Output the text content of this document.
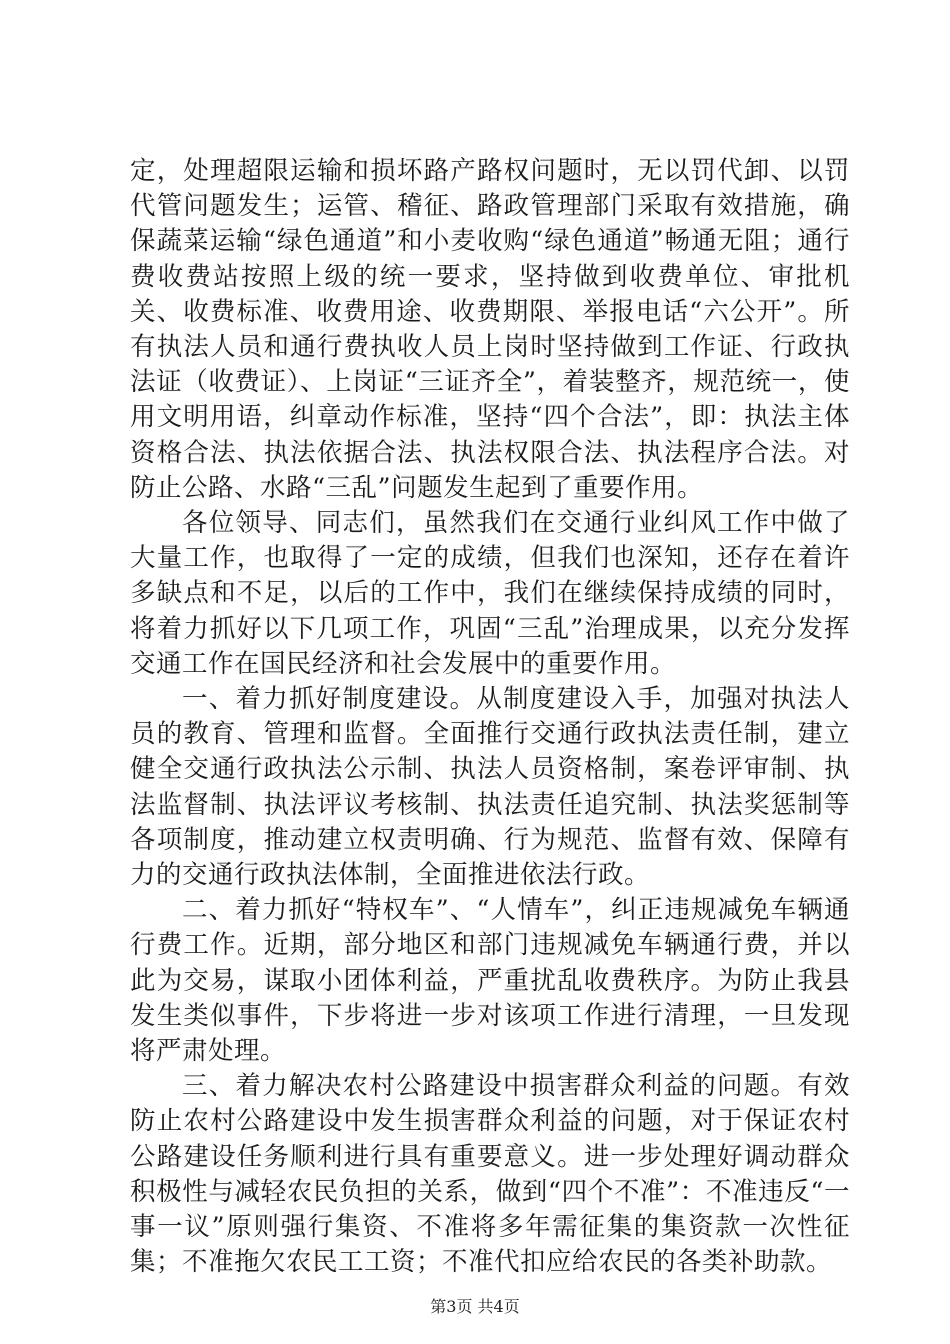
定，处理超限运输和损坏路产路权问题时，无以罚代卸、以罚代管问题发生；运管、稽征、路政管理部门采取有效措施，确保蔬菜运输“绿色通道”和小麦收购“绿色通道”畅通无阻；通行费收费站按照上级的统一要求，坚持做到收费单位、审批机关、收费标准、收费用途、收费期限、举报电话“六公开”。所有执法人员和通行费执收人员上岗时坚持做到工作证、行政执法证（收费证）、上岗证“三证齐全”，着装整齐，规范统一，使用文明用语，纠章动作标准，坚持“四个合法”，即：执法主体资格合法、执法依据合法、执法权限合法、执法程序合法。对防止公路、水路“三乱”问题发生起到了重要作用。

各位领导、同志们，虽然我们在交通行业纠风工作中做了大量工作，也取得了一定的成绩，但我们也深知，还存在着许多缺点和不足，以后的工作中，我们在继续保持成绩的同时，将着力抓好以下几项工作，巩固“三乱”治理成果，以充分发挥交通工作在国民经济和社会发展中的重要作用。

一、着力抓好制度建设。从制度建设入手，加强对执法人员的教育、管理和监督。全面推行交通行政执法责任制，建立健全交通行政执法公示制、执法人员资格制，案卷评审制、执法监督制、执法评议考核制、执法责任追究制、执法奖惩制等各项制度，推动建立权责明确、行为规范、监督有效、保障有力的交通行政执法体制，全面推进依法行政。

二、着力抓好“特权车”、“人情车”，纠正违规减免车辆通行费工作。近期，部分地区和部门违规减免车辆通行费，并以此为交易，谋取小团体利益，严重扰乱收费秩序。为防止我县发生类似事件，下步将进一步对该项工作进行清理，一旦发现将严肃处理。

三、着力解决农村公路建设中损害群众利益的问题。有效防止农村公路建设中发生损害群众利益的问题，对于保证农村公路建设任务顺利进行具有重要意义。进一步处理好调动群众积极性与减轻农民负担的关系，做到“四个不准”：不准违反“一事一议”原则强行集资、不准将多年需征集的集资款一次性征集；不准拖欠农民工工资；不准代扣应给农民的各类补助款。

第3页 共4页
